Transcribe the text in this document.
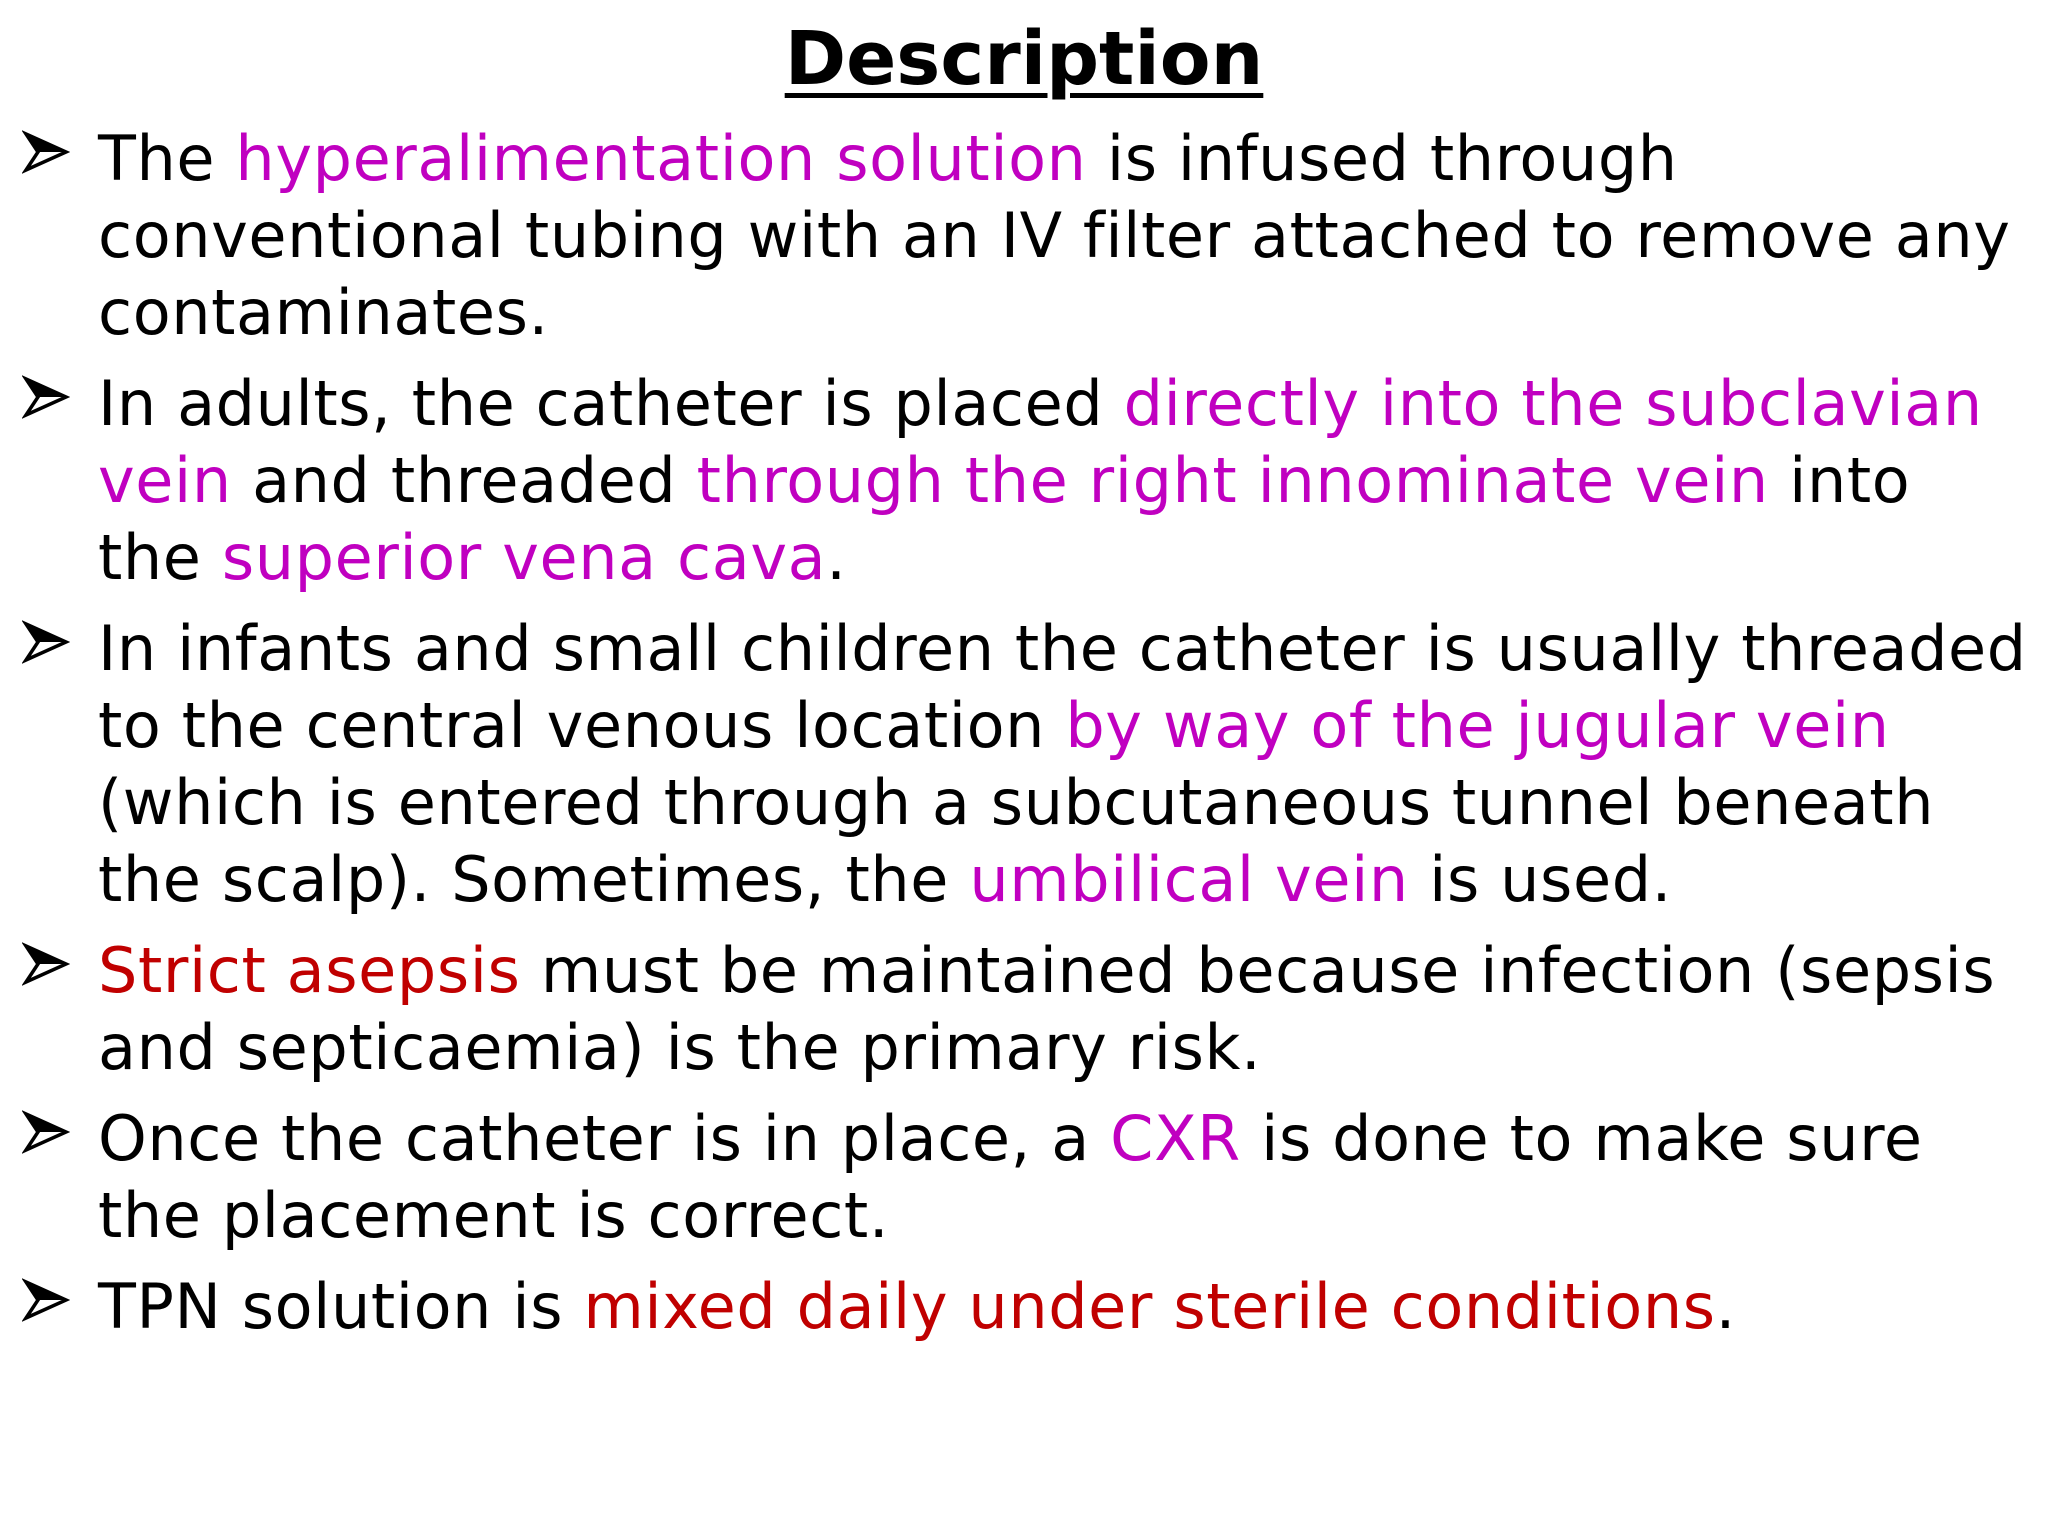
Description
The hyperalimentation solution is infused through conventional tubing with an IV filter attached to remove any contaminates.
In adults, the catheter is placed directly into the subclavian vein and threaded through the right innominate vein into the superior vena cava.
In infants and small children the catheter is usually threaded to the central venous location by way of the jugular vein (which is entered through a subcutaneous tunnel beneath the scalp). Sometimes, the umbilical vein is used.
Strict asepsis must be maintained because infection (sepsis and septicaemia) is the primary risk.
Once the catheter is in place, a CXR is done to make sure the placement is correct.
TPN solution is mixed daily under sterile conditions.
